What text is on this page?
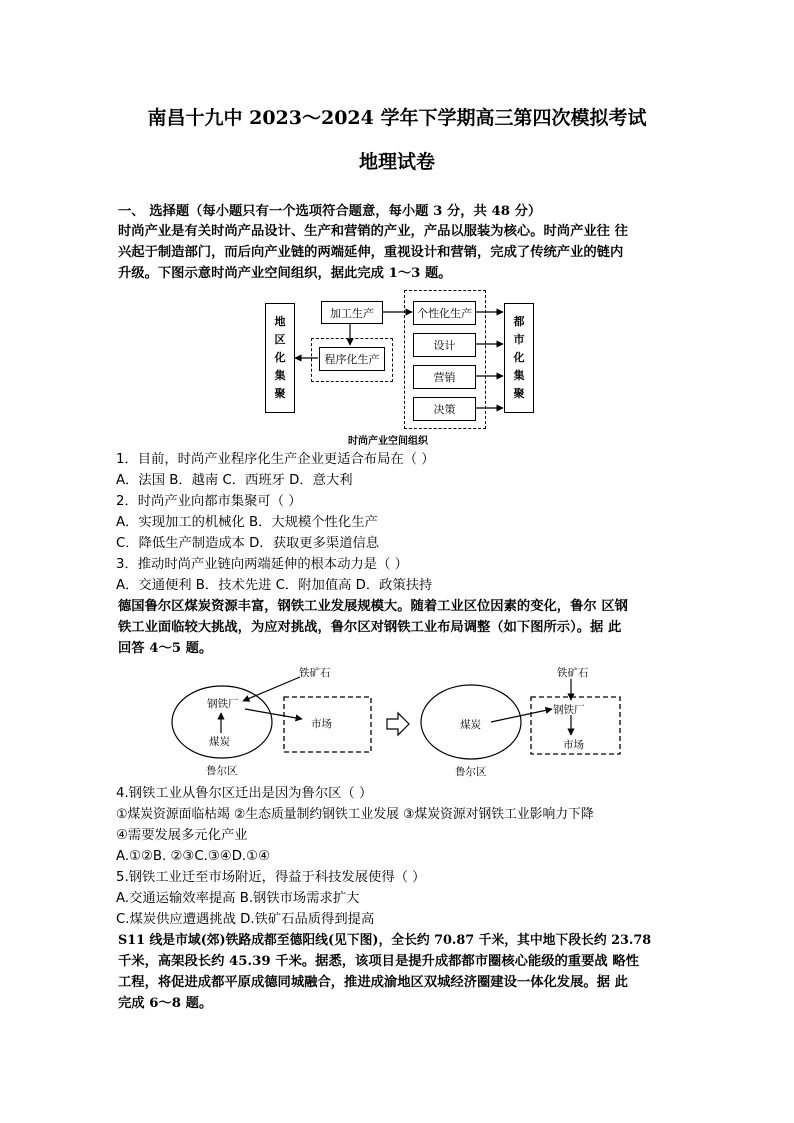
南昌十九中 2023～2024 学年下学期高三第四次模拟考试
地理试卷
一、 选择题（每小题只有一个选项符合题意，每小题 3 分，共 48 分）
时尚产业是有关时尚产品设计、生产和营销的产业，产品以服装为核心。时尚产业往 往
兴起于制造部门，而后向产业链的两端延伸，重视设计和营销，完成了传统产业的链内
升级。下图示意时尚产业空间组织，据此完成 1～3 题。
地
区
化
集
聚
加工生产
程序化生产
个性化生产
设计
营销
决策
都
市
化
集
聚
时尚产业空间组织
1．目前，时尚产业程序化生产企业更适合布局在（ ）
A．法国 B．越南 C．西班牙 D．意大利
2．时尚产业向都市集聚可（ ）
A．实现加工的机械化 B．大规模个性化生产
C．降低生产制造成本 D．获取更多渠道信息
3．推动时尚产业链向两端延伸的根本动力是（ ）
A．交通便利 B．技术先进 C．附加值高 D．政策扶持
德国鲁尔区煤炭资源丰富，钢铁工业发展规模大。随着工业区位因素的变化，鲁尔 区钢
铁工业面临较大挑战，为应对挑战，鲁尔区对钢铁工业布局调整（如下图所示）。据 此
回答 4～5 题。
铁矿石
钢铁厂
煤炭
市场
鲁尔区
铁矿石
钢铁厂
煤炭
市场
鲁尔区
4.钢铁工业从鲁尔区迁出是因为鲁尔区（ ）
①煤炭资源面临枯竭 ②生态质量制约钢铁工业发展 ③煤炭资源对钢铁工业影响力下降
④需要发展多元化产业
A.①②B. ②③C.③④D.①④
5.钢铁工业迁至市场附近，得益于科技发展使得（ ）
A.交通运输效率提高 B.钢铁市场需求扩大
C.煤炭供应遭遇挑战 D.铁矿石品质得到提高
S11 线是市域(郊)铁路成都至德阳线(见下图)，全长约 70.87 千米，其中地下段长约 23.78
千米，高架段长约 45.39 千米。据悉，该项目是提升成都都市圈核心能级的重要战 略性
工程，将促进成都平原成德同城融合，推进成渝地区双城经济圈建设一体化发展。据 此
完成 6～8 题。
